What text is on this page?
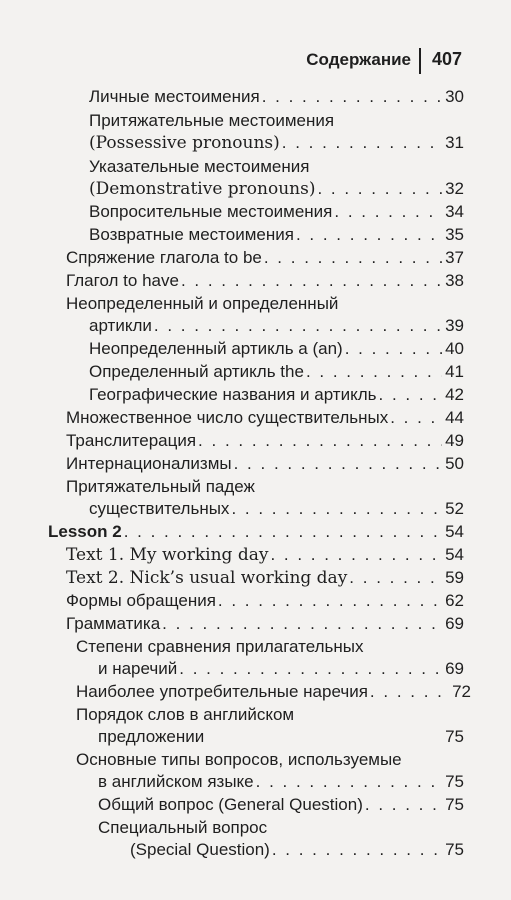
Содержание 407
Личные местоимения . . .	30
Притяжательные местоимения
(Possessive pronouns) . . .	31
Указательные местоимения
(Demonstrative pronouns) . . .	32
Вопросительные местоимения . . .	34
Возвратные местоимения . . .	35
Спряжение глагола to be . . .	37
Глагол to have . . .	38
Неопределенный и определенный
артикли . . .	39
Неопределенный артикль a (an) . . .	40
Определенный артикль the . . .	41
Географические названия и артикль . . .	42
Множественное число существительных . . .	44
Транслитерация . . .	49
Интернационализмы . . .	50
Притяжательный падеж
существительных . . .	52
Lesson 2 . . .	54
Text 1. My working day . . .	54
Text 2. Nick’s usual working day . . .	59
Формы обращения . . .	62
Грамматика . . .	69
Степени сравнения прилагательных
и наречий . . .	69
Наиболее употребительные наречия . . .	72
Порядок слов в английском
предложении	75
Основные типы вопросов, используемые
в английском языке . . .	75
Общий вопрос (General Question) . . .	75
Специальный вопрос
(Special Question) . . .	75
